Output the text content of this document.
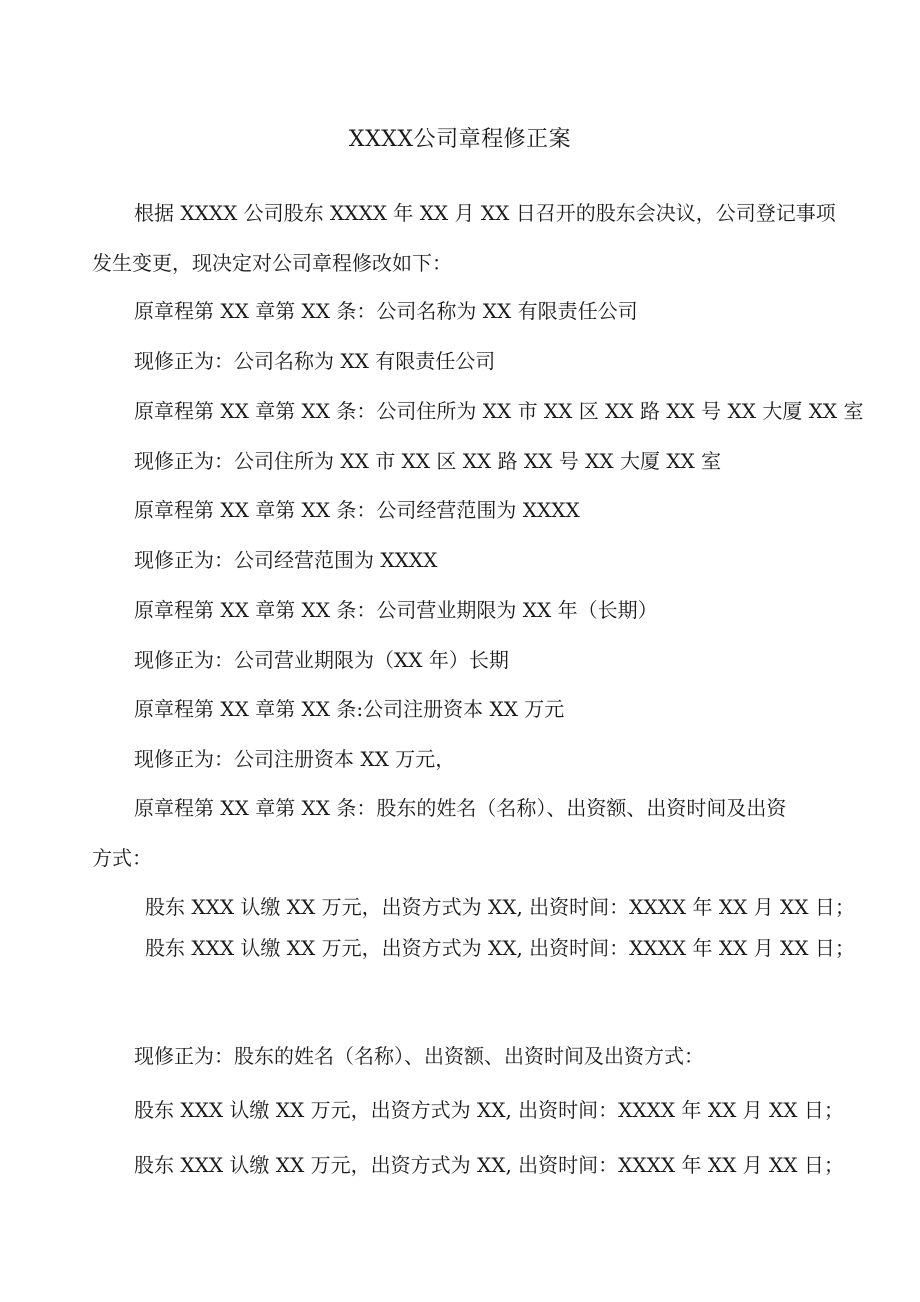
XXXX公司章程修正案
根据 XXXX 公司股东 XXXX 年 XX 月 XX 日召开的股东会决议，公司登记事项
发生变更，现决定对公司章程修改如下：
原章程第 XX 章第 XX 条：公司名称为 XX 有限责任公司
现修正为：公司名称为 XX 有限责任公司
原章程第 XX 章第 XX 条：公司住所为 XX 市 XX 区 XX 路 XX 号 XX 大厦 XX 室
现修正为：公司住所为 XX 市 XX 区 XX 路 XX 号 XX 大厦 XX 室
原章程第 XX 章第 XX 条：公司经营范围为 XXXX
现修正为：公司经营范围为 XXXX
原章程第 XX 章第 XX 条：公司营业期限为 XX 年（长期）
现修正为：公司营业期限为（XX 年）长期
原章程第 XX 章第 XX 条:公司注册资本 XX 万元
现修正为：公司注册资本 XX 万元，
原章程第 XX 章第 XX 条：股东的姓名（名称）、出资额、出资时间及出资
方式：
股东 XXX 认缴 XX 万元，出资方式为 XX, 出资时间：XXXX 年 XX 月 XX 日；
股东 XXX 认缴 XX 万元，出资方式为 XX, 出资时间：XXXX 年 XX 月 XX 日；
现修正为：股东的姓名（名称）、出资额、出资时间及出资方式：
股东 XXX 认缴 XX 万元，出资方式为 XX, 出资时间：XXXX 年 XX 月 XX 日；
股东 XXX 认缴 XX 万元，出资方式为 XX, 出资时间：XXXX 年 XX 月 XX 日；
